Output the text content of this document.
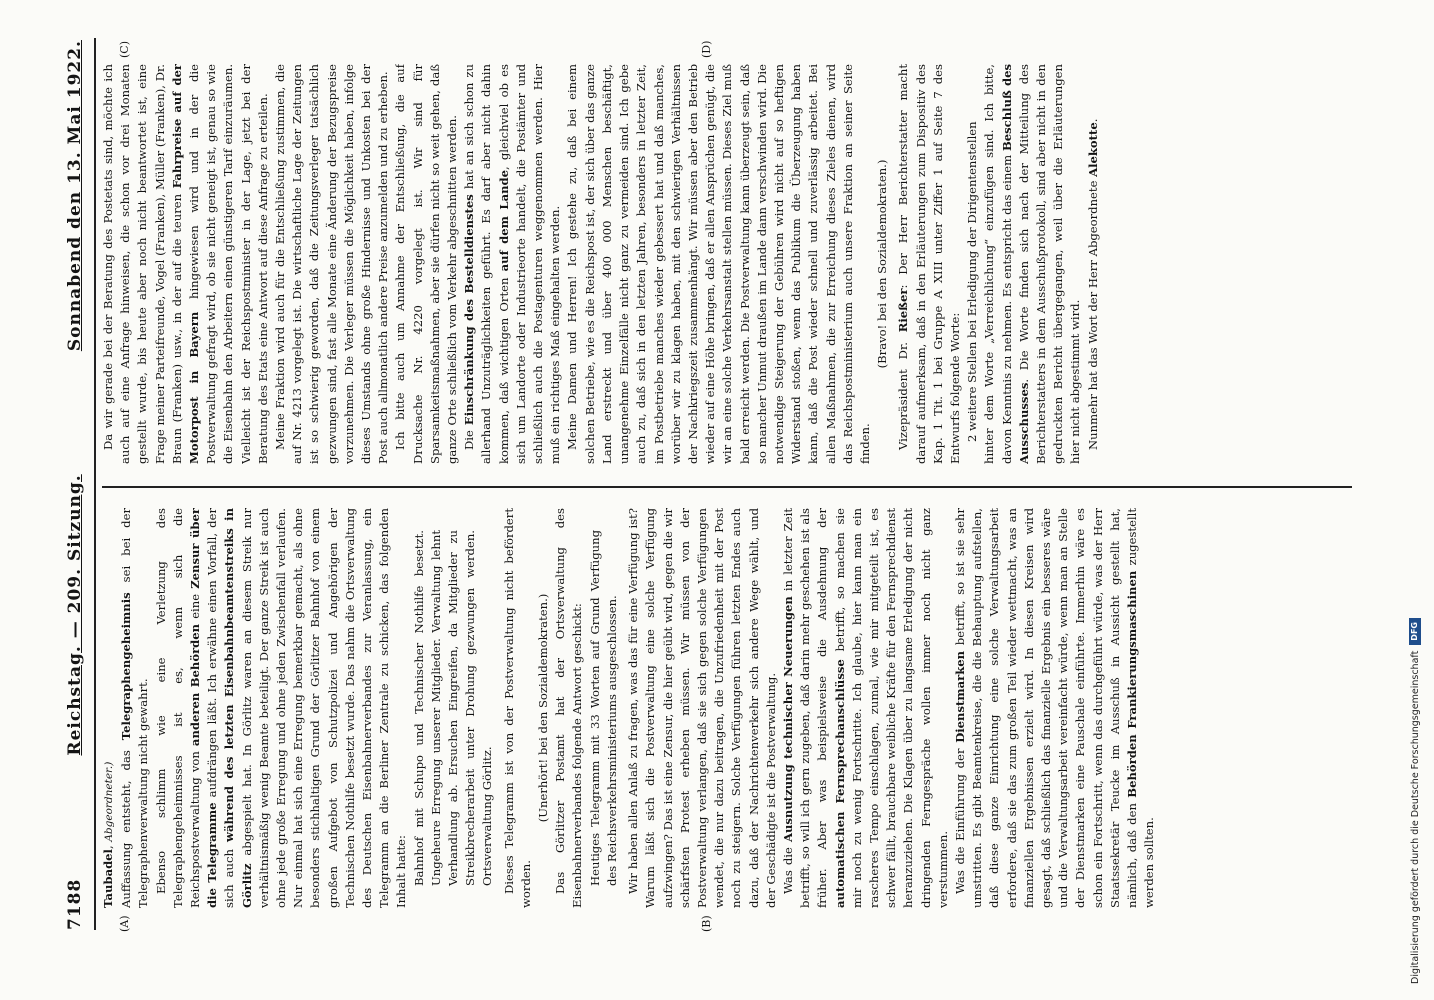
7188
Reichstag. — 209. Sitzung.
Sonnabend den 13. Mai 1922.

Taubadel, Abgeordneter.) Auffassung entsteht, das Telegraphengeheimnis sei bei der Telegraphenverwaltung nicht gewahrt. Ebenso schlimm wie eine Verletzung des Telegraphengeheimnisses ist es, wenn sich die Reichspostverwaltung von anderen Behörden eine Zensur über die Telegramme aufdrängen läßt. Ich erwähne einen Vorfall, der sich auch während des letzten Eisenbahnbeamtenstreiks in Görlitz abgespielt hat. In Görlitz waren an diesem Streik nur verhältnismäßig wenig Beamte beteiligt. Der ganze Streik ist auch ohne jede große Erregung und ohne jeden Zwischenfall verlaufen. Nur einmal hat sich eine Erregung bemerkbar gemacht, als ohne besonders stichhaltigen Grund der Görlitzer Bahnhof von einem großen Aufgebot von Schutzpolizei und Angehörigen der Technischen Nothilfe besetzt wurde. Das nahm die Ortsverwaltung des Deutschen Eisenbahnerverbandes zur Veranlassung, ein Telegramm an die Berliner Zentrale zu schicken, das folgenden Inhalt hatte: Bahnhof mit Schupo und Technischer Nothilfe besetzt. Ungeheure Erregung unserer Mitglieder. Verwaltung lehnt Verhandlung ab. Ersuchen Eingreifen, da Mitglieder zu Streikbrecherarbeit unter Drohung gezwungen werden. Ortsverwaltung Görlitz. Dieses Telegramm ist von der Postverwaltung nicht befördert worden.

(Unerhört! bei den Sozialdemokraten.) Das Görlitzer Postamt hat der Ortsverwaltung des Eisenbahnerverbandes folgende Antwort geschickt: Heutiges Telegramm mit 33 Worten auf Grund Verfügung des Reichsverkehrsministeriums ausgeschlossen. Wir haben allen Anlaß zu fragen, was das für eine Verfügung ist? Warum läßt sich die Postverwaltung eine solche Verfügung aufzwingen? Das ist eine Zensur, die hier geübt wird, gegen die wir schärfsten Protest erheben müssen. Wir müssen von der Postverwaltung verlangen, daß sie sich gegen solche Verfügungen wendet, die nur dazu beitragen, die Unzufriedenheit mit der Post noch zu steigern. Solche Verfügungen führen letzten Endes auch dazu, daß der Nachrichtenverkehr sich andere Wege wählt, und der Geschädigte ist die Postverwaltung. Was die Ausnutzung technischer Neuerungen in letzter Zeit betrifft, so will ich gern zugeben, daß darin mehr geschehen ist als früher. Aber was beispielsweise die Ausdehnung der automatischen Fernsprechanschlüsse betrifft, so machen sie mir noch zu wenig Fortschritte. Ich glaube, hier kann man ein rascheres Tempo einschlagen, zumal, wie mir mitgeteilt ist, es schwer fällt, brauchbare weibliche Kräfte für den Fernsprechdienst heranzuziehen. Die Klagen über zu langsame Erledigung der nicht dringenden Ferngespräche wollen immer noch nicht ganz verstummen. Was die Einführung der Dienstmarken betrifft, so ist sie sehr umstritten. Es gibt Beamtenkreise, die die Behauptung aufstellen, daß diese ganze Einrichtung eine solche Verwaltungsarbeit erfordere, daß sie das zum großen Teil wieder wettmacht, was an finanziellen Ergebnissen erzielt wird. In diesen Kreisen wird gesagt, daß schließlich das finanzielle Ergebnis ein besseres wäre und die Verwaltungsarbeit vereinfacht würde, wenn man an Stelle der Dienstmarken eine Pauschale einführte. Immerhin wäre es schon ein Fortschritt, wenn das durchgeführt würde, was der Herr Staatssekretär Teucke im Ausschuß in Aussicht gestellt hat, nämlich, daß den Behörden Frankierungsmaschinen zugestellt werden sollten.

Da wir gerade bei der Beratung des Postetats sind, möchte ich auch auf eine Anfrage hinweisen, die schon vor drei Monaten gestellt wurde, bis heute aber noch nicht beantwortet ist, eine Frage meiner Parteifreunde, Vogel (Franken), Müller (Franken), Dr. Braun (Franken) usw., in der auf die teuren Fahrpreise auf der Motorpost in Bayern hingewiesen wird und in der die Postverwaltung gefragt wird, ob sie nicht geneigt ist, genau so wie die Eisenbahn den Arbeitern einen günstigeren Tarif einzuräumen. Vielleicht ist der Reichspostminister in der Lage, jetzt bei der Beratung des Etats eine Antwort auf diese Anfrage zu erteilen. Meine Fraktion wird auch für die Entschließung zustimmen, die auf Nr. 4213 vorgelegt ist. Die wirtschaftliche Lage der Zeitungen ist so schwierig geworden, daß die Zeitungsverleger tatsächlich gezwungen sind, fast alle Monate eine Änderung der Bezugspreise vorzunehmen. Die Verleger müssen die Möglichkeit haben, infolge dieses Umstands ohne große Hindernisse und Unkosten bei der Post auch allmonatlich andere Preise anzumelden und zu erheben. Ich bitte auch um Annahme der Entschließung, die auf Drucksache Nr. 4220 vorgelegt ist. Wir sind für Sparsamkeitsmaßnahmen, aber sie dürfen nicht so weit gehen, daß ganze Orte schließlich vom Verkehr abgeschnitten werden. Die Einschränkung des Bestelldienstes hat an sich schon zu allerhand Unzuträglichkeiten geführt. Es darf aber nicht dahin kommen, daß wichtigen Orten auf dem Lande, gleichviel ob es sich um Landorte oder Industrieorte handelt, die Postämter und schließlich auch die Postagenturen weggenommen werden. Hier muß ein richtiges Maß eingehalten werden. Meine Damen und Herren! Ich gestehe zu, daß bei einem solchen Betriebe, wie es die Reichspost ist, der sich über das ganze Land erstreckt und über 400 000 Menschen beschäftigt, unangenehme Einzelfälle nicht ganz zu vermeiden sind. Ich gebe auch zu, daß sich in den letzten Jahren, besonders in letzter Zeit, im Postbetriebe manches wieder gebessert hat und daß manches, worüber wir zu klagen haben, mit den schwierigen Verhältnissen der Nachkriegszeit zusammenhängt. Wir müssen aber den Betrieb wieder auf eine Höhe bringen, daß er allen Ansprüchen genügt, die wir an eine solche Verkehrsanstalt stellen müssen. Dieses Ziel muß bald erreicht werden. Die Postverwaltung kann überzeugt sein, daß so mancher Unmut draußen im Lande dann verschwinden wird. Die notwendige Steigerung der Gebühren wird nicht auf so heftigen Widerstand stoßen, wenn das Publikum die Überzeugung haben kann, daß die Post wieder schnell und zuverlässig arbeitet. Bei allen Maßnahmen, die zur Erreichung dieses Zieles dienen, wird das Reichspostministerium auch unsere Fraktion an seiner Seite finden.

(Bravo! bei den Sozialdemokraten.)

Vizepräsident Dr. Rießer: Der Herr Berichterstatter macht darauf aufmerksam, daß in den Erläuterungen zum Dispositiv des Kap. 1 Tit. 1 bei Gruppe A XIII unter Ziffer 1 auf Seite 7 des Entwurfs folgende Worte: 2 weitere Stellen bei Erledigung der Dirigentenstellen hinter dem Worte „Verreichlichung“ einzufügen sind. Ich bitte, davon Kenntnis zu nehmen. Es entspricht das einem Beschluß des Ausschusses. Die Worte finden sich nach der Mitteilung des Berichterstatters in dem Ausschußprotokoll, sind aber nicht in den gedruckten Bericht übergegangen, weil über die Erläuterungen hier nicht abgestimmt wird. Nunmehr hat das Wort der Herr Abgeordnete Alekotte.

(A)	(B)
(C)	(D)
Digitalisierung gefördert durch die Deutsche Forschungsgemeinschaft
DFG
